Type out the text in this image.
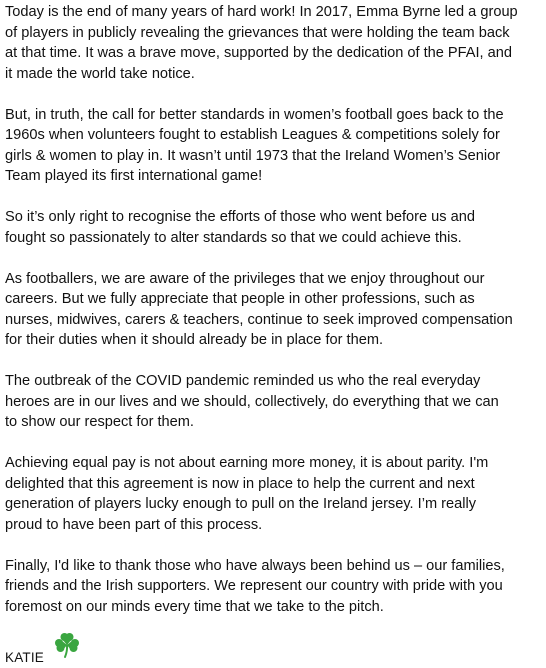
Today is the end of many years of hard work! In 2017, Emma Byrne led a group
of players in publicly revealing the grievances that were holding the team back
at that time. It was a brave move, supported by the dedication of the PFAI, and
it made the world take notice.

But, in truth, the call for better standards in women’s football goes back to the
1960s when volunteers fought to establish Leagues & competitions solely for
girls & women to play in. It wasn’t until 1973 that the Ireland Women’s Senior
Team played its first international game!

So it’s only right to recognise the efforts of those who went before us and
fought so passionately to alter standards so that we could achieve this.

As footballers, we are aware of the privileges that we enjoy throughout our
careers. But we fully appreciate that people in other professions, such as
nurses, midwives, carers & teachers, continue to seek improved compensation
for their duties when it should already be in place for them.

The outbreak of the COVID pandemic reminded us who the real everyday
heroes are in our lives and we should, collectively, do everything that we can
to show our respect for them.

Achieving equal pay is not about earning more money, it is about parity. I'm
delighted that this agreement is now in place to help the current and next
generation of players lucky enough to pull on the Ireland jersey. I’m really
proud to have been part of this process.

Finally, I'd like to thank those who have always been behind us – our families,
friends and the Irish supporters. We represent our country with pride with you
foremost on our minds every time that we take to the pitch.

KATIE
